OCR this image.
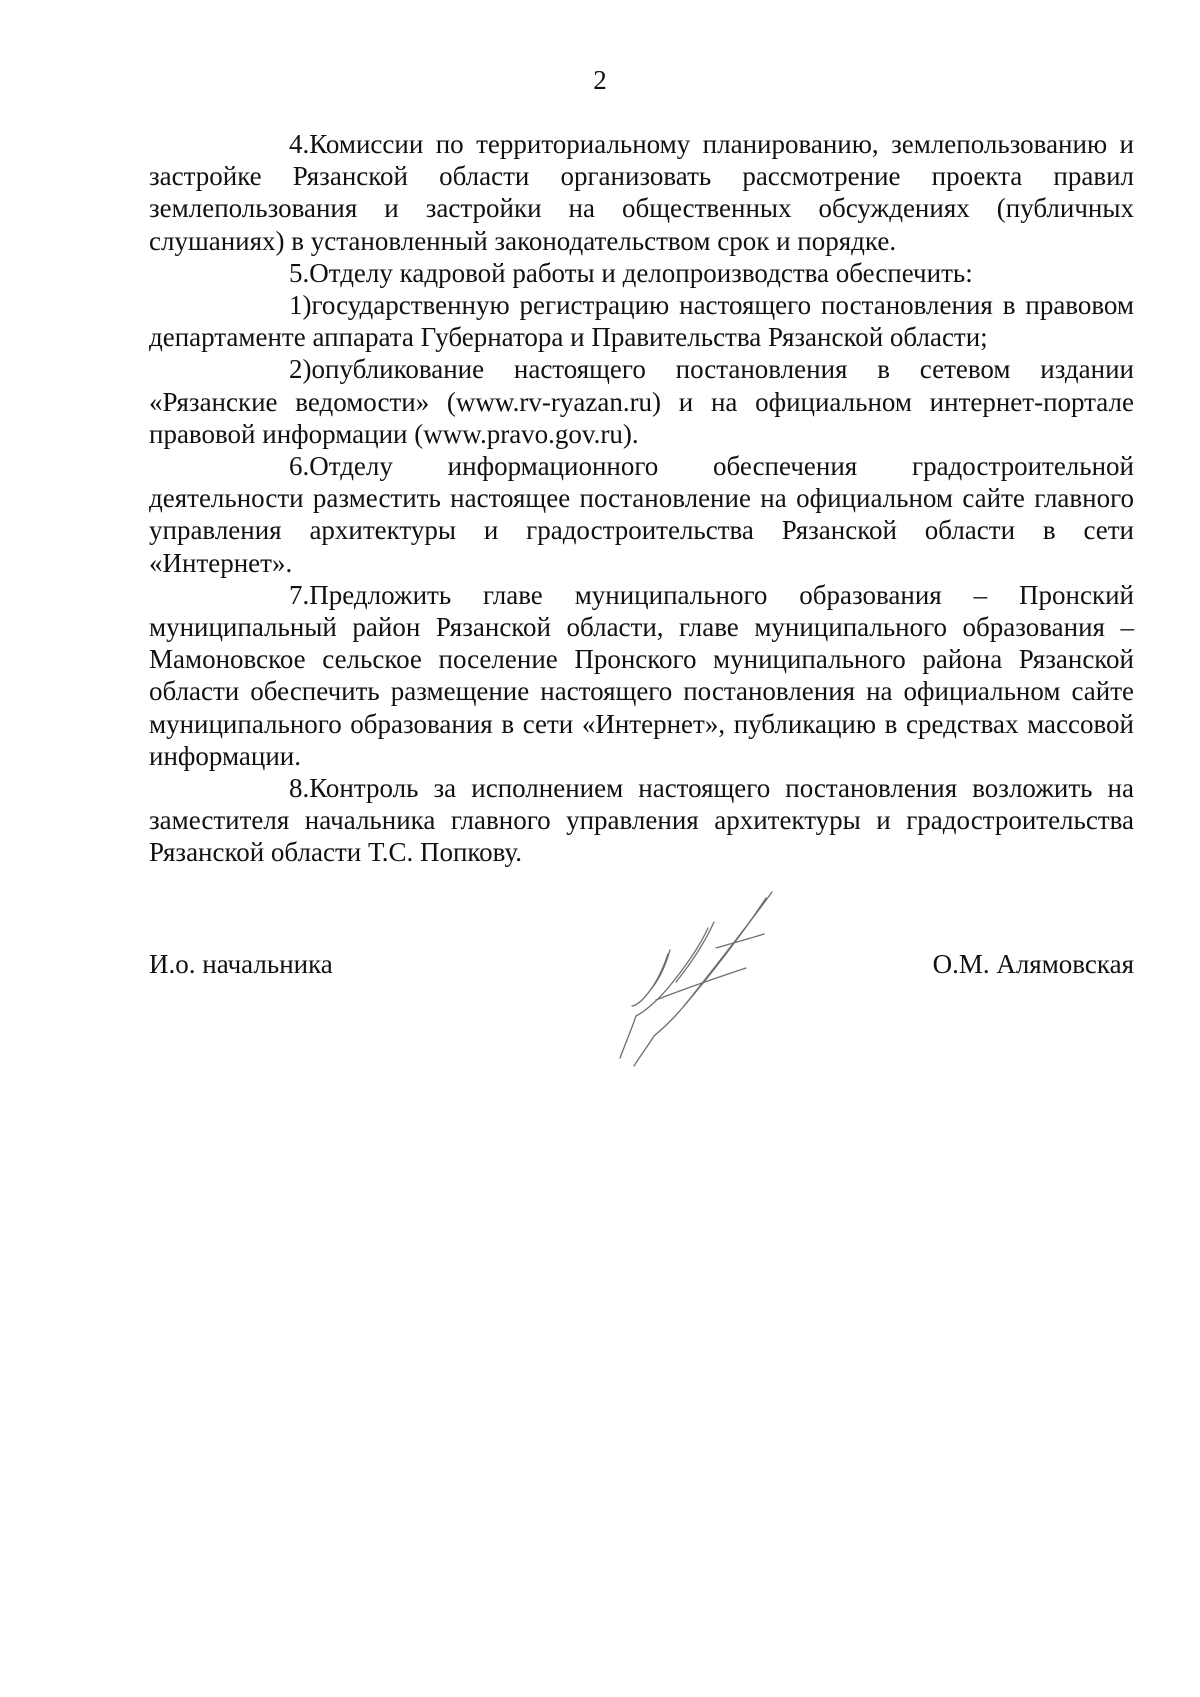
2

4.Комиссии по территориальному планированию, землепользованию и застройке Рязанской области организовать рассмотрение проекта правил землепользования и застройки на общественных обсуждениях (публичных слушаниях) в установленный законодательством срок и порядке.

5.Отделу кадровой работы и делопроизводства обеспечить:

1)государственную регистрацию настоящего постановления в правовом департаменте аппарата Губернатора и Правительства Рязанской области;

2)опубликование настоящего постановления в сетевом издании «Рязанские ведомости» (www.rv-ryazan.ru) и на официальном интернет-портале правовой информации (www.pravo.gov.ru).

6.Отделу информационного обеспечения градостроительной деятельности разместить настоящее постановление на официальном сайте главного управления архитектуры и градостроительства Рязанской области в сети «Интернет».

7.Предложить главе муниципального образования – Пронский муниципальный район Рязанской области, главе муниципального образования – Мамоновское сельское поселение Пронского муниципального района Рязанской области обеспечить размещение настоящего постановления на официальном сайте муниципального образования в сети «Интернет», публикацию в средствах массовой информации.

8.Контроль за исполнением настоящего постановления возложить на заместителя начальника главного управления архитектуры и градостроительства Рязанской области Т.С. Попкову.

И.о. начальника	О.М. Алямовская
